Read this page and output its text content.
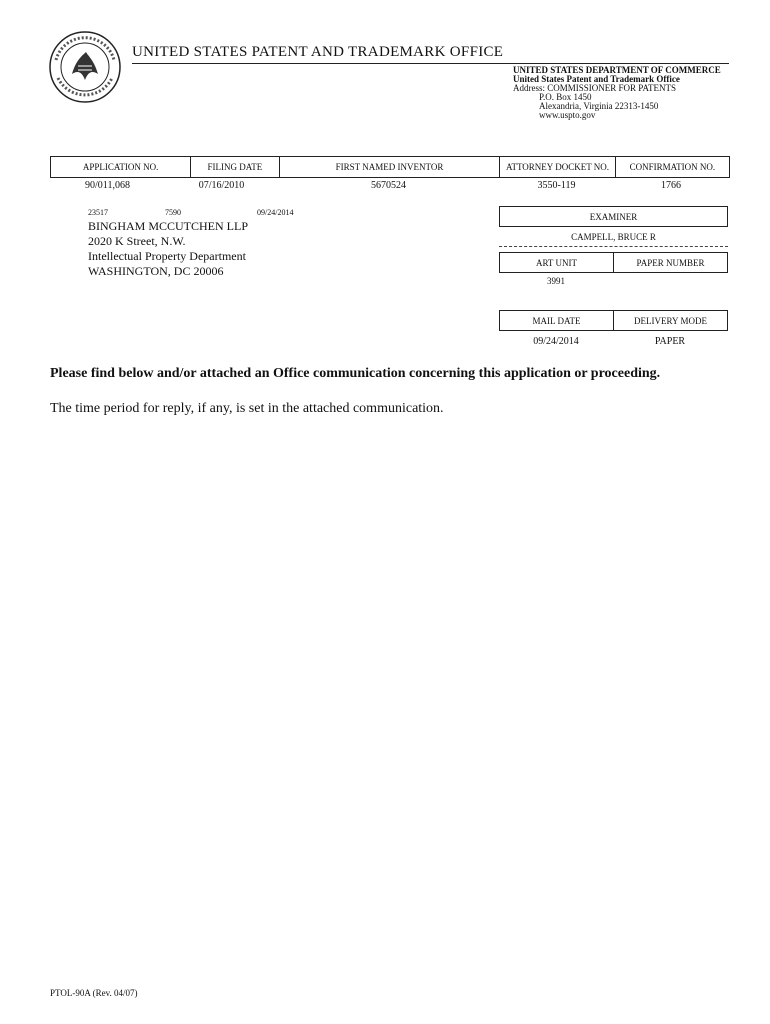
UNITED STATES PATENT AND TRADEMARK OFFICE
UNITED STATES DEPARTMENT OF COMMERCE
United States Patent and Trademark Office
Address: COMMISSIONER FOR PATENTS
P.O. Box 1450
Alexandria, Virginia 22313-1450
www.uspto.gov
APPLICATION NO.	FILING DATE	FIRST NAMED INVENTOR	ATTORNEY DOCKET NO.	CONFIRMATION NO.
90/011,068	07/16/2010	5670524	3550-119	1766
23517	7590	09/24/2014
BINGHAM MCCUTCHEN LLP
2020 K Street, N.W.
Intellectual Property Department
WASHINGTON, DC 20006
EXAMINER
CAMPELL, BRUCE R
ART UNIT	PAPER NUMBER
3991
MAIL DATE	DELIVERY MODE
09/24/2014	PAPER
Please find below and/or attached an Office communication concerning this application or proceeding.
The time period for reply, if any, is set in the attached communication.
PTOL-90A (Rev. 04/07)
